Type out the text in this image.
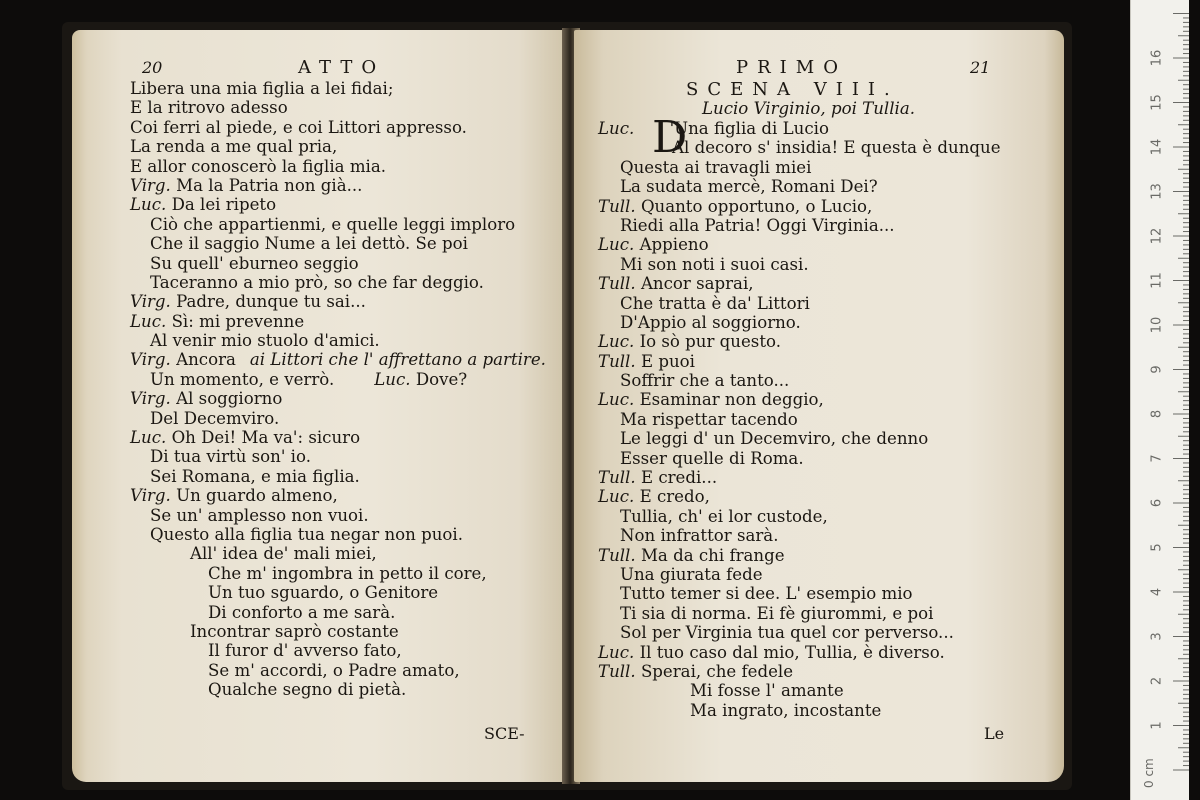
20	ATTO
Libera una mia figlia a lei fidai;
E la ritrovo adesso
Coi ferri al piede, e coi Littori appresso.
La renda a me qual pria,
E allor conoscerò la figlia mia.
Virg. Ma la Patria non già...
Luc. Da lei ripeto
Ciò che appartienmi, e quelle leggi imploro
Che il saggio Nume a lei dettò. Se poi
Su quell' eburneo seggio
Taceranno a mio prò, so che far deggio.
Virg. Padre, dunque tu sai...
Luc. Sì: mi prevenne
Al venir mio stuolo d'amici.
Virg. Ancora ai Littori che l' affrettano a partire.
Un momento, e verrò. Luc. Dove?
Virg. Al soggiorno
Del Decemviro.
Luc. Oh Dei! Ma va': sicuro
Di tua virtù son' io.
Sei Romana, e mia figlia.
Virg. Un guardo almeno,
Se un' amplesso non vuoi.
Questo alla figlia tua negar non puoi.
All' idea de' mali miei,
Che m' ingombra in petto il core,
Un tuo sguardo, o Genitore
Di conforto a me sarà.
Incontrar saprò costante
Il furor d' avverso fato,
Se m' accordi, o Padre amato,
Qualche segno di pietà.
SCE-
PRIMO	21
SCENA VIII.
Lucio Virginio, poi Tullia.
D
Luc. 'Una figlia di Lucio
Al decoro s' insidia! E questa è dunque
Questa ai travagli miei
La sudata mercè, Romani Dei?
Tull. Quanto opportuno, o Lucio,
Riedi alla Patria! Oggi Virginia...
Luc. Appieno
Mi son noti i suoi casi.
Tull. Ancor saprai,
Che tratta è da' Littori
D'Appio al soggiorno.
Luc. Io sò pur questo.
Tull. E puoi
Soffrir che a tanto...
Luc. Esaminar non deggio,
Ma rispettar tacendo
Le leggi d' un Decemviro, che denno
Esser quelle di Roma.
Tull. E credi...
Luc. E credo,
Tullia, ch' ei lor custode,
Non infrattor sarà.
Tull. Ma da chi frange
Una giurata fede
Tutto temer si dee. L' esempio mio
Ti sia di norma. Ei fè giurommi, e poi
Sol per Virginia tua quel cor perverso...
Luc. Il tuo caso dal mio, Tullia, è diverso.
Tull. Sperai, che fedele
Mi fosse l' amante
Ma ingrato, incostante
Le
0 cm
1
2
3
4
5
6
7
8
9
10
11
12
13
14
15
16
